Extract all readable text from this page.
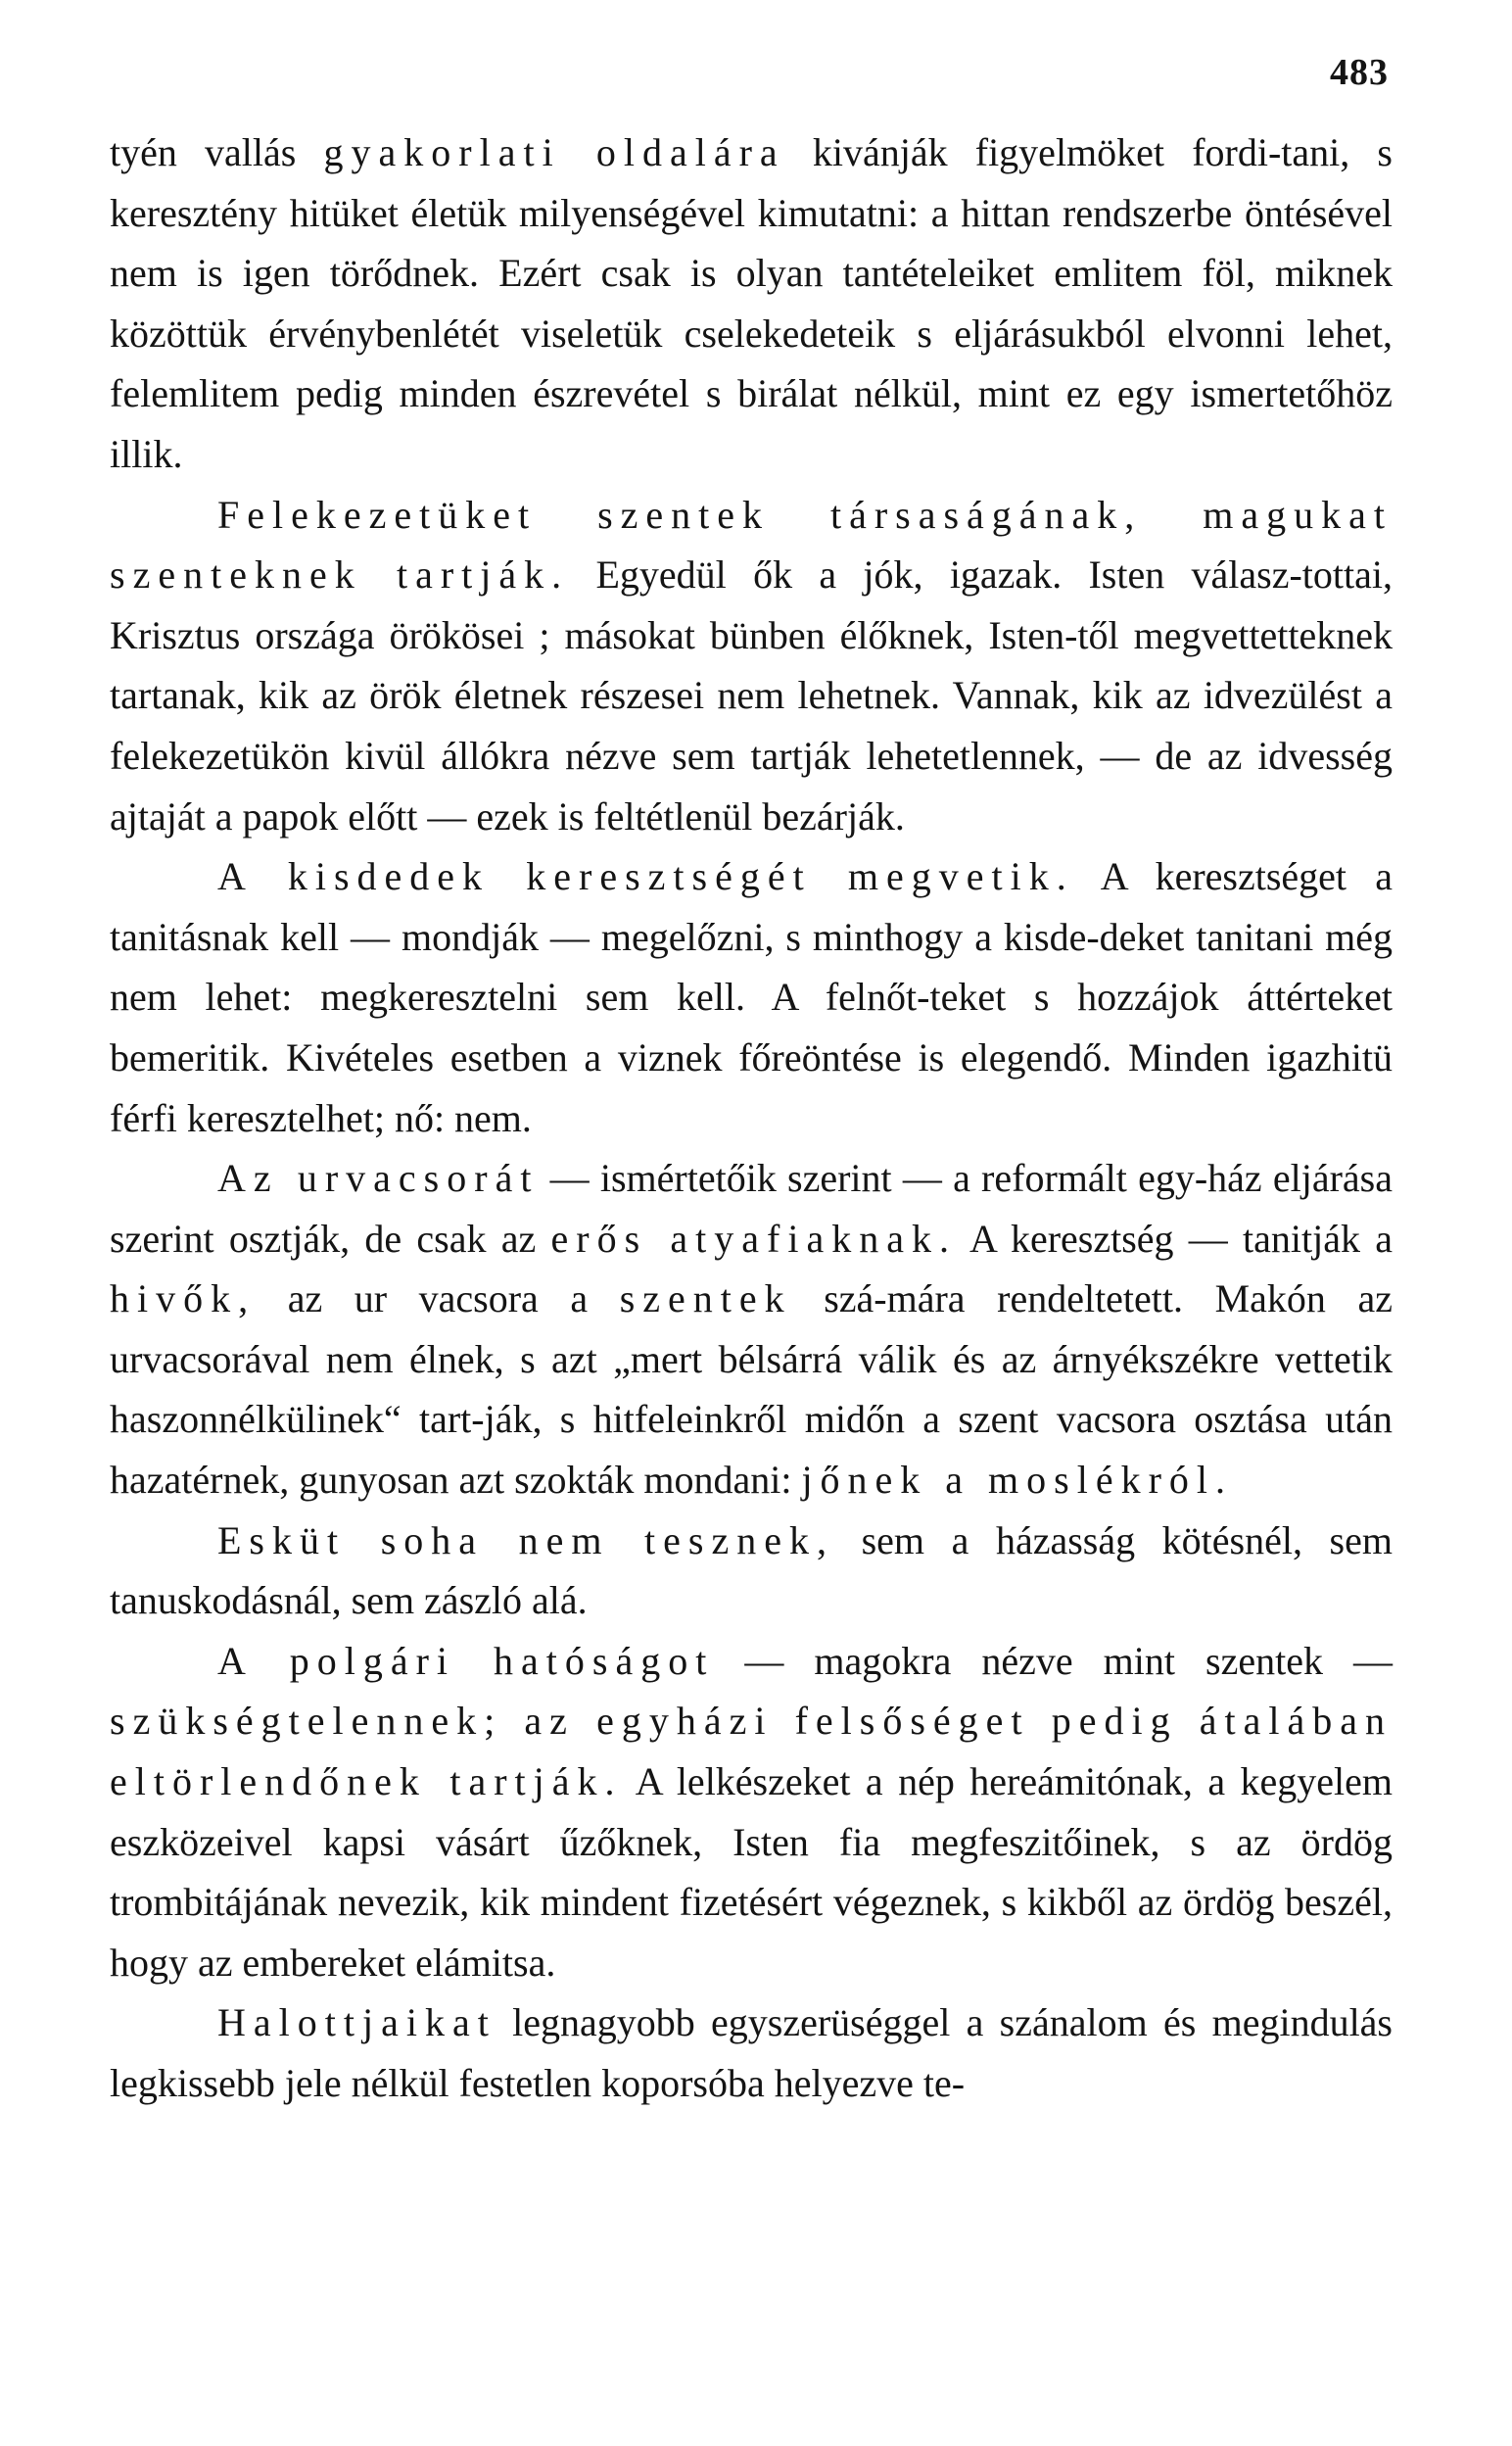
483

tyén vallás gyakorlati oldalára kivánják figyelmöket fordi-tani, s keresztény hitüket életük milyenségével kimutatni: a hittan rendszerbe öntésével nem is igen törődnek. Ezért csak is olyan tantételeiket emlitem föl, miknek közöttük érvénybenlétét viseletük cselekedeteik s eljárásukból elvonni lehet, felemlitem pedig minden észrevétel s birálat nélkül, mint ez egy ismertetőhöz illik.

Felekezetüket szentek társaságának, magukat szenteknek tartják. Egyedül ők a jók, igazak. Isten válasz-tottai, Krisztus országa örökösei ; másokat bünben élőknek, Isten-től megvettetteknek tartanak, kik az örök életnek részesei nem lehetnek. Vannak, kik az idvezülést a felekezetükön kivül állókra nézve sem tartják lehetetlennek, — de az idvesség ajtaját a papok előtt — ezek is feltétlenül bezárják.

A kisdedek keresztségét megvetik. A keresztséget a tanitásnak kell — mondják — megelőzni, s minthogy a kisde-deket tanitani még nem lehet: megkeresztelni sem kell. A felnőt-teket s hozzájok áttérteket bemeritik. Kivételes esetben a viznek főreöntése is elegendő. Minden igazhitü férfi keresztelhet; nő: nem.

Az urvacsorát — ismértetőik szerint — a reformált egy-ház eljárása szerint osztják, de csak az erős atyafiaknak. A keresztség — tanitják a hivők, az ur vacsora a szentek szá-mára rendeltetett. Makón az urvacsorával nem élnek, s azt „mert bélsárrá válik és az árnyékszékre vettetik haszonnélkülinek“ tart-ják, s hitfeleinkről midőn a szent vacsora osztása után hazatérnek, gunyosan azt szokták mondani: jőnek a moslékról.

Esküt soha nem tesznek, sem a házasság kötésnél, sem tanuskodásnál, sem zászló alá.

A polgári hatóságot — magokra nézve mint szentek — szükségtelennek; az egyházi felsőséget pedig átalában eltörlendőnek tartják. A lelkészeket a nép hereámitónak, a kegyelem eszközeivel kapsi vásárt űzőknek, Isten fia megfeszitőinek, s az ördög trombitájának nevezik, kik mindent fizetésért végeznek, s kikből az ördög beszél, hogy az embereket elámitsa.

Halottjaikat legnagyobb egyszerüséggel a szánalom és megindulás legkissebb jele nélkül festetlen koporsóba helyezve te-
